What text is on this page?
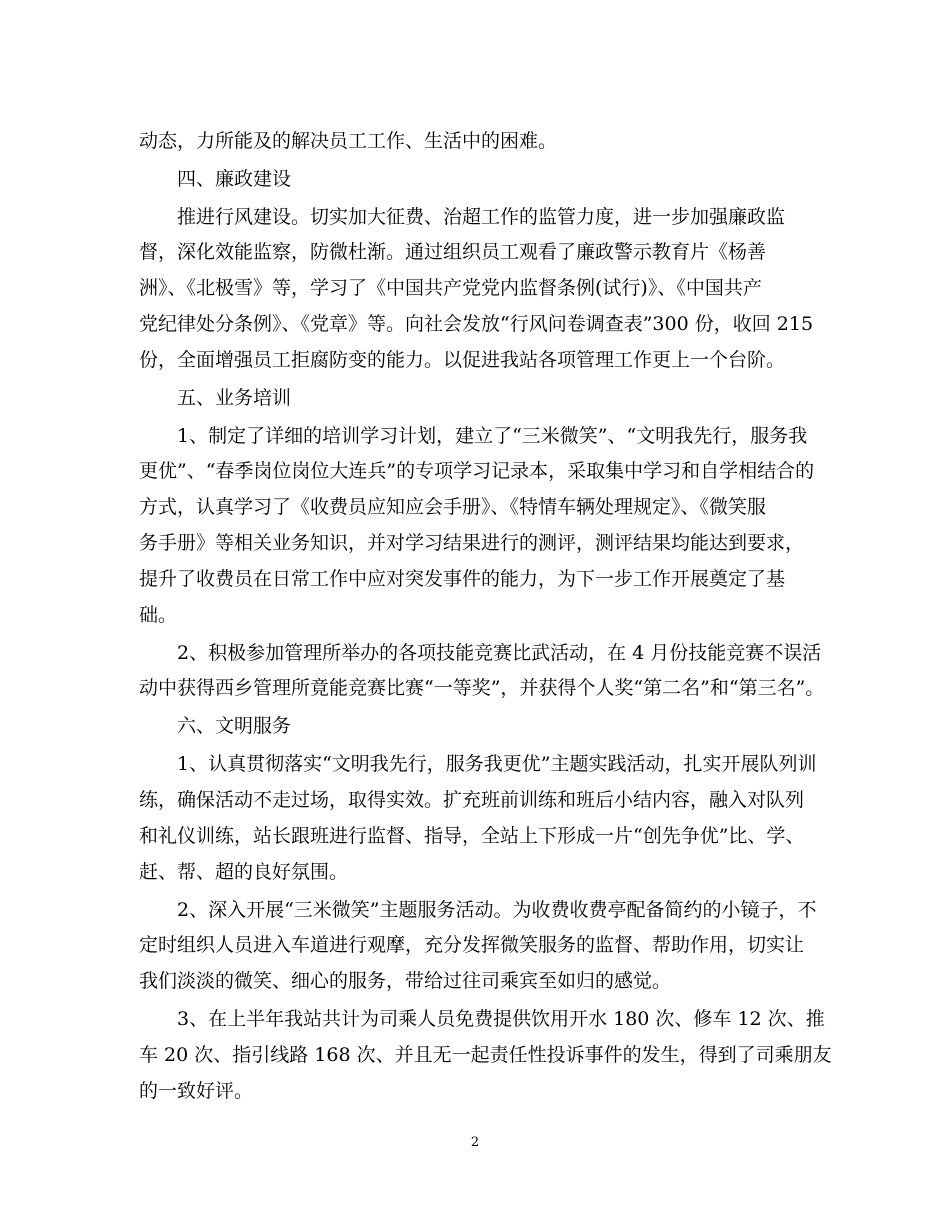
动态，力所能及的解决员工工作、生活中的困难。
四、廉政建设
推进行风建设。切实加大征费、治超工作的监管力度，进一步加强廉政监
督，深化效能监察，防微杜渐。通过组织员工观看了廉政警示教育片《杨善
洲》、《北极雪》等，学习了《中国共产党党内监督条例(试行)》、《中国共产
党纪律处分条例》、《党章》等。向社会发放“行风问卷调查表”300 份，收回 215
份，全面增强员工拒腐防变的能力。以促进我站各项管理工作更上一个台阶。
五、业务培训
1、制定了详细的培训学习计划，建立了“三米微笑”、“文明我先行，服务我
更优”、“春季岗位岗位大连兵”的专项学习记录本，采取集中学习和自学相结合的
方式，认真学习了《收费员应知应会手册》、《特情车辆处理规定》、《微笑服
务手册》等相关业务知识，并对学习结果进行的测评，测评结果均能达到要求，
提升了收费员在日常工作中应对突发事件的能力，为下一步工作开展奠定了基
础。
2、积极参加管理所举办的各项技能竞赛比武活动，在 4 月份技能竞赛不误活
动中获得西乡管理所竟能竞赛比赛“一等奖”，并获得个人奖“第二名”和“第三名”。
六、文明服务
1、认真贯彻落实“文明我先行，服务我更优”主题实践活动，扎实开展队列训
练，确保活动不走过场，取得实效。扩充班前训练和班后小结内容，融入对队列
和礼仪训练，站长跟班进行监督、指导，全站上下形成一片“创先争优”比、学、
赶、帮、超的良好氛围。
2、深入开展“三米微笑”主题服务活动。为收费收费亭配备简约的小镜子，不
定时组织人员进入车道进行观摩，充分发挥微笑服务的监督、帮助作用，切实让
我们淡淡的微笑、细心的服务，带给过往司乘宾至如归的感觉。
3、在上半年我站共计为司乘人员免费提供饮用开水 180 次、修车 12 次、推
车 20 次、指引线路 168 次、并且无一起责任性投诉事件的发生，得到了司乘朋友
的一致好评。
2
